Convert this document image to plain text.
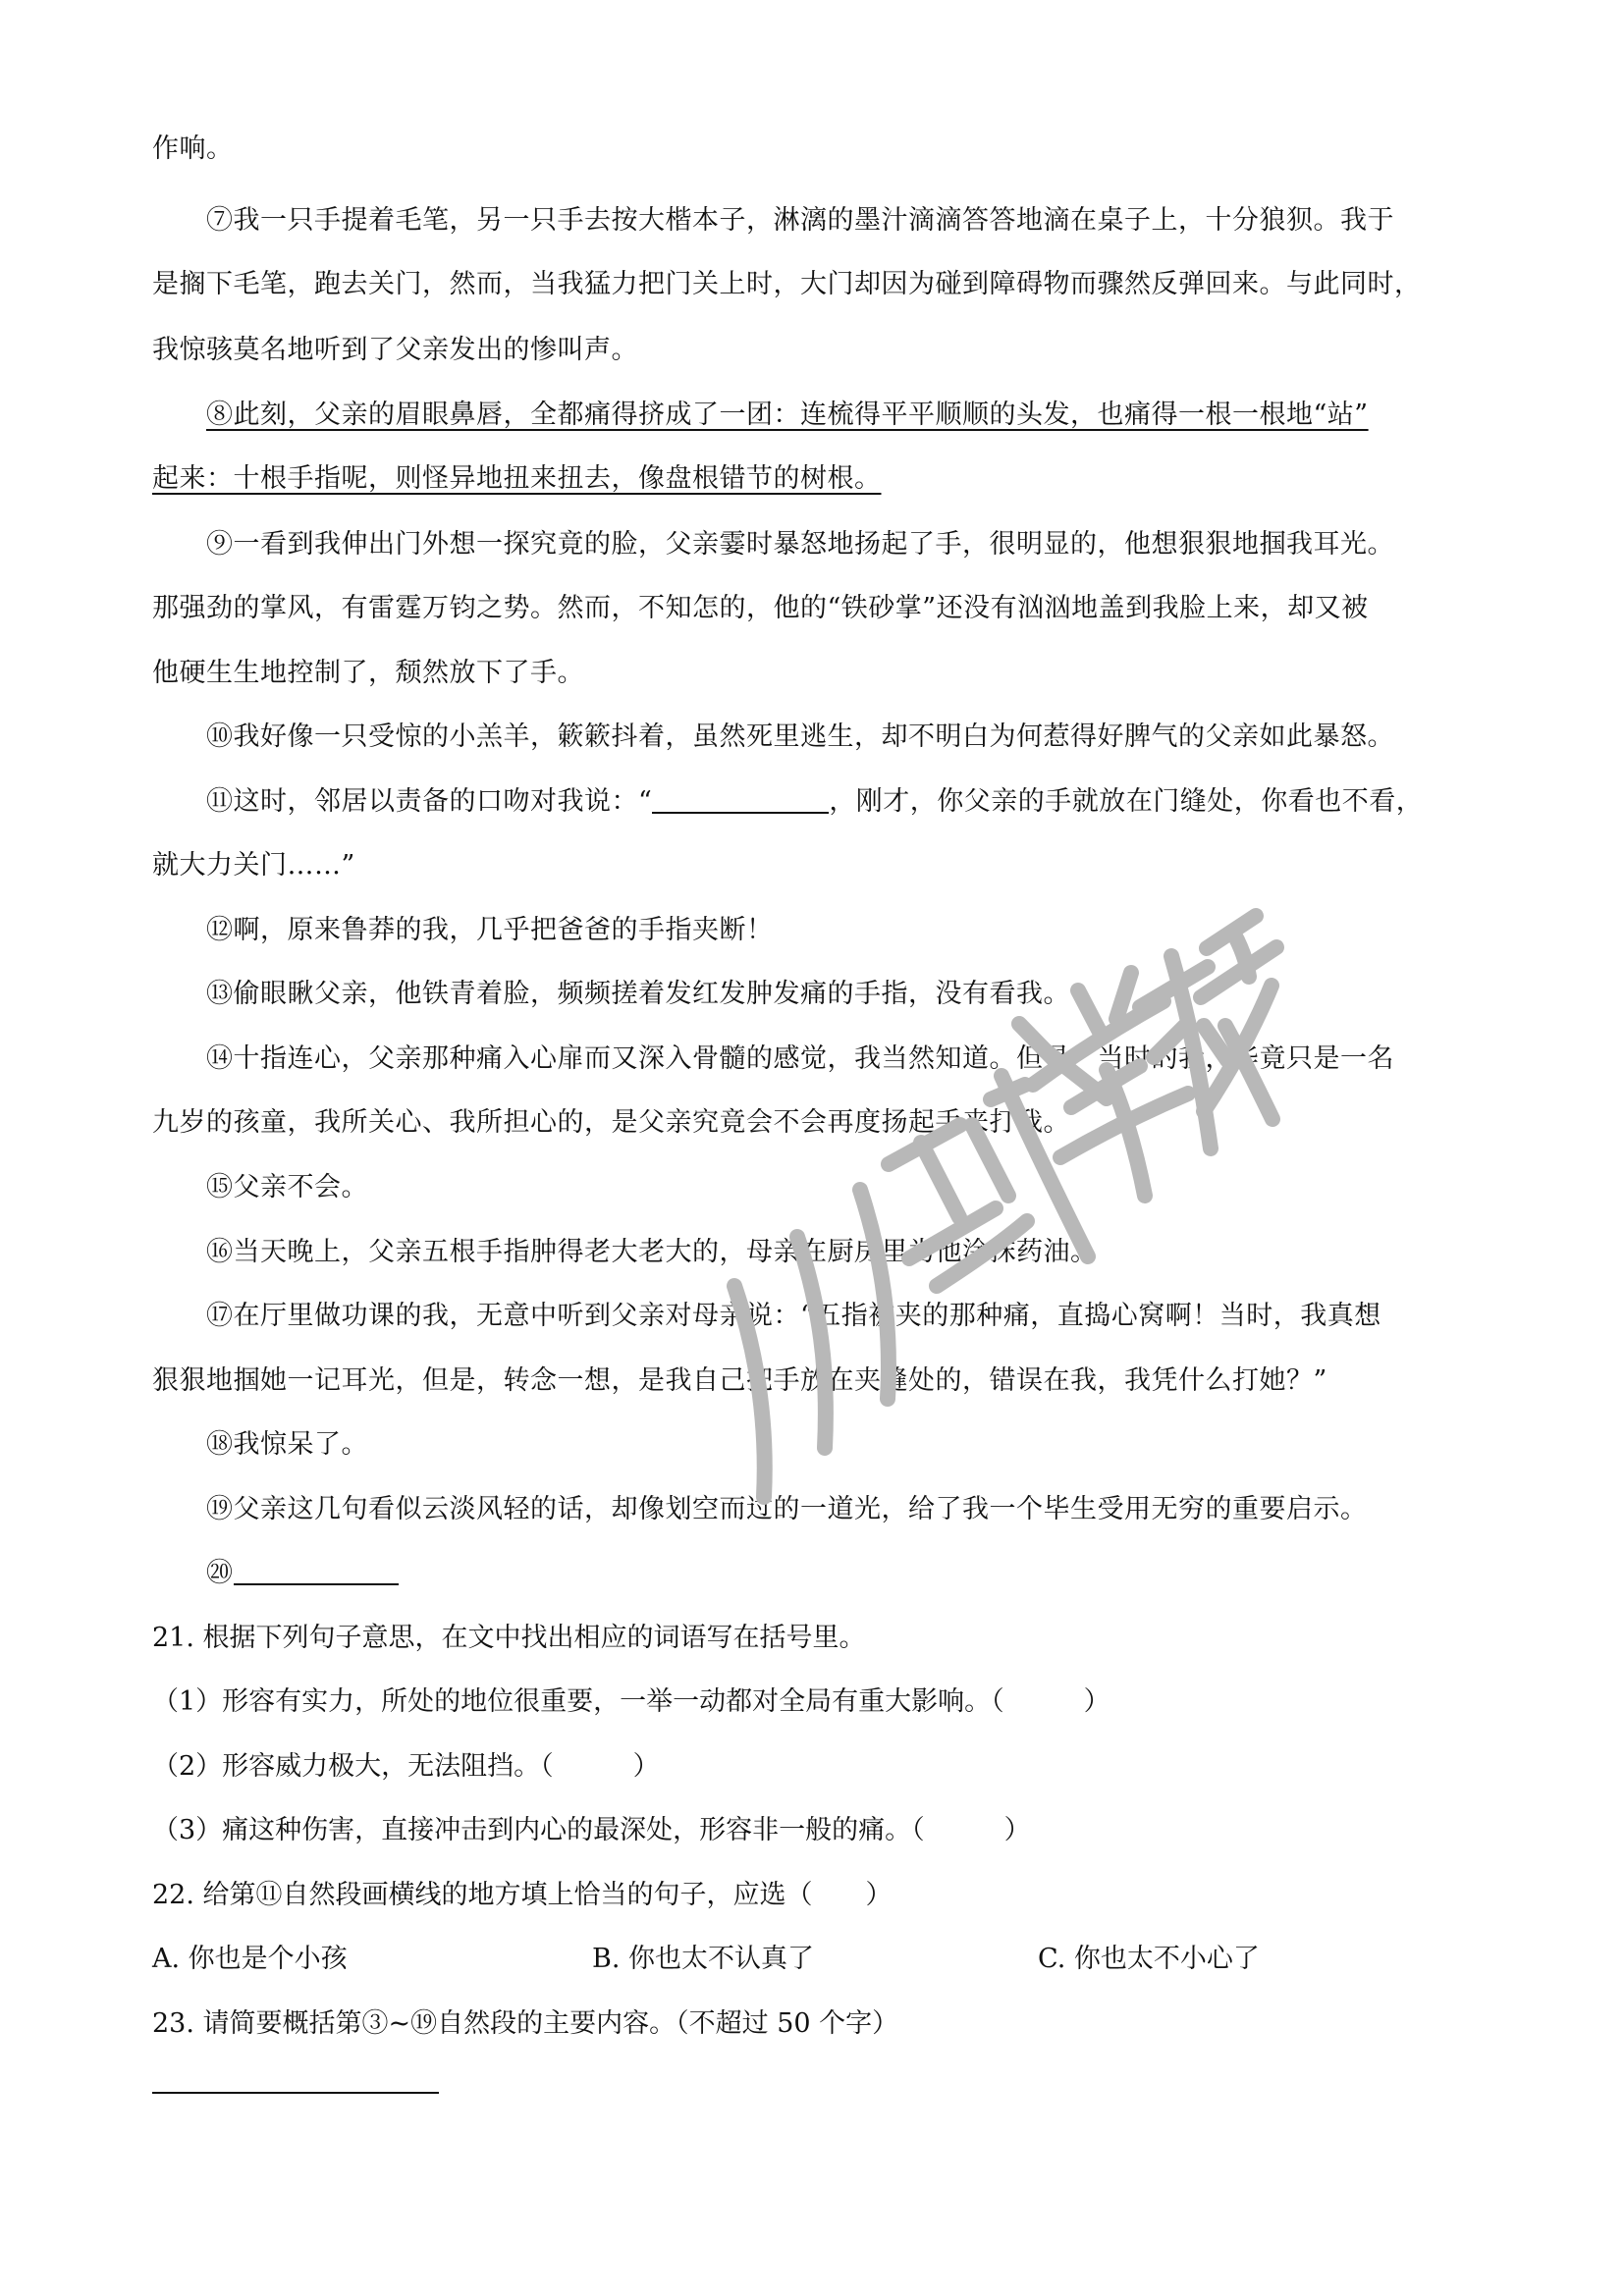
作响。
⑦我一只手提着毛笔，另一只手去按大楷本子，淋漓的墨汁滴滴答答地滴在桌子上，十分狼狈。我于
是搁下毛笔，跑去关门，然而，当我猛力把门关上时，大门却因为碰到障碍物而骤然反弹回来。与此同时，
我惊骇莫名地听到了父亲发出的惨叫声。
⑧此刻，父亲的眉眼鼻唇，全都痛得挤成了一团：连梳得平平顺顺的头发，也痛得一根一根地“站”
起来：十根手指呢，则怪异地扭来扭去，像盘根错节的树根。
⑨一看到我伸出门外想一探究竟的脸，父亲霎时暴怒地扬起了手，很明显的，他想狠狠地掴我耳光。
那强劲的掌风，有雷霆万钧之势。然而，不知怎的，他的“铁砂掌”还没有汹汹地盖到我脸上来，却又被
他硬生生地控制了，颓然放下了手。
⑩我好像一只受惊的小羔羊，簌簌抖着，虽然死里逃生，却不明白为何惹得好脾气的父亲如此暴怒。
⑪这时，邻居以责备的口吻对我说：“	，刚才，你父亲的手就放在门缝处，你看也不看，
就大力关门……”
⑫啊，原来鲁莽的我，几乎把爸爸的手指夹断！
⑬偷眼瞅父亲，他铁青着脸，频频搓着发红发肿发痛的手指，没有看我。
⑭十指连心，父亲那种痛入心扉而又深入骨髓的感觉，我当然知道。但是，当时的我，毕竟只是一名
九岁的孩童，我所关心、我所担心的，是父亲究竟会不会再度扬起手来打我。
⑮父亲不会。
⑯当天晚上，父亲五根手指肿得老大老大的，母亲在厨房里为他涂抹药油。
⑰在厅里做功课的我，无意中听到父亲对母亲说：“五指被夹的那种痛，直捣心窝啊！当时，我真想
狠狠地掴她一记耳光，但是，转念一想，是我自己把手放在夹缝处的，错误在我，我凭什么打她？”
⑱我惊呆了。
⑲父亲这几句看似云淡风轻的话，却像划空而过的一道光，给了我一个毕生受用无穷的重要启示。
⑳
21. 根据下列句子意思，在文中找出相应的词语写在括号里。
（1）形容有实力，所处的地位很重要，一举一动都对全局有重大影响。（　　　）
（2）形容威力极大，无法阻挡。（　　　）
（3）痛这种伤害，直接冲击到内心的最深处，形容非一般的痛。（　　　）
22. 给第⑪自然段画横线的地方填上恰当的句子，应选（　　）
A. 你也是个小孩	B. 你也太不认真了	C. 你也太不小心了
23. 请简要概括第③~⑲自然段的主要内容。（不超过 50 个字）
